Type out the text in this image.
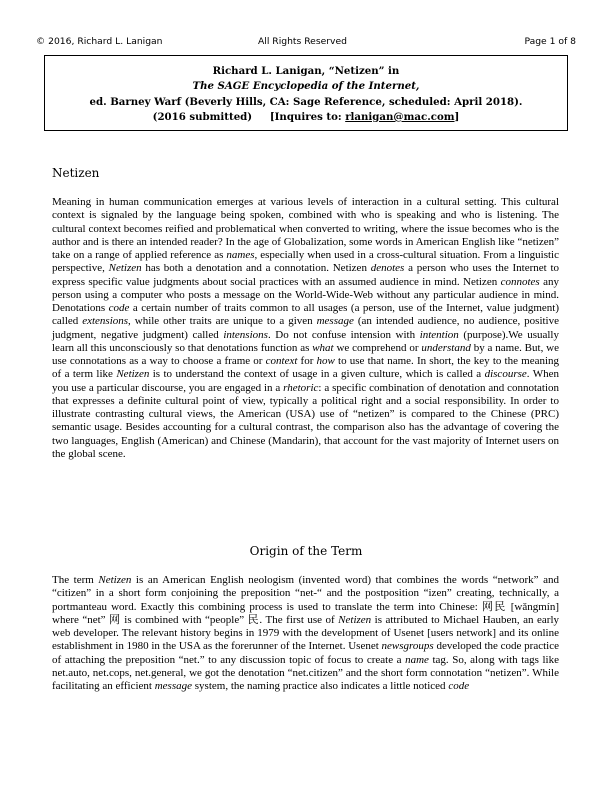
© 2016, Richard L. Lanigan	All Rights Reserved	Page 1 of 8
Richard L. Lanigan, “Netizen” in
The SAGE Encyclopedia of the Internet,
ed. Barney Warf (Beverly Hills, CA: Sage Reference, scheduled: April 2018).
(2016 submitted)     [Inquires to: rlanigan@mac.com]
Netizen
Meaning in human communication emerges at various levels of interaction in a cultural setting. This cultural context is signaled by the language being spoken, combined with who is speaking and who is listening. The cultural context becomes reified and problematical when converted to writing, where the issue becomes who is the author and is there an intended reader? In the age of Globalization, some words in American English like “netizen” take on a range of applied reference as names, especially when used in a cross-cultural situation. From a linguistic perspective, Netizen has both a denotation and a connotation. Netizen denotes a person who uses the Internet to express specific value judgments about social practices with an assumed audience in mind. Netizen connotes any person using a computer who posts a message on the World-Wide-Web without any particular audience in mind. Denotations code a certain number of traits common to all usages (a person, use of the Internet, value judgment) called extensions, while other traits are unique to a given message (an intended audience, no audience, positive judgment, negative judgment) called intensions. Do not confuse intension with intention (purpose).We usually learn all this unconsciously so that denotations function as what we comprehend or understand by a name. But, we use connotations as a way to choose a frame or context for how to use that name. In short, the key to the meaning of a term like Netizen is to understand the context of usage in a given culture, which is called a discourse. When you use a particular discourse, you are engaged in a rhetoric: a specific combination of denotation and connotation that expresses a definite cultural point of view, typically a political right and a social responsibility. In order to illustrate contrasting cultural views, the American (USA) use of “netizen” is compared to the Chinese (PRC) semantic usage. Besides accounting for a cultural contrast, the comparison also has the advantage of covering the two languages, English (American) and Chinese (Mandarin), that account for the vast majority of Internet users on the global scene.
Origin of the Term
The term Netizen is an American English neologism (invented word) that combines the words “network” and “citizen” in a short form conjoining the preposition “net-“ and the postposition “izen” creating, technically, a portmanteau word. Exactly this combining process is used to translate the term into Chinese: 网民 [wǎngmín] where “net” 网 is combined with “people” 民. The first use of Netizen is attributed to Michael Hauben, an early web developer. The relevant history begins in 1979 with the development of Usenet [users network] and its online establishment in 1980 in the USA as the forerunner of the Internet. Usenet newsgroups developed the code practice of attaching the preposition “net.” to any discussion topic of focus to create a name tag. So, along with tags like net.auto, net.cops, net.general, we got the denotation “net.citizen” and the short form connotation “netizen”. While facilitating an efficient message system, the naming practice also indicates a little noticed code
